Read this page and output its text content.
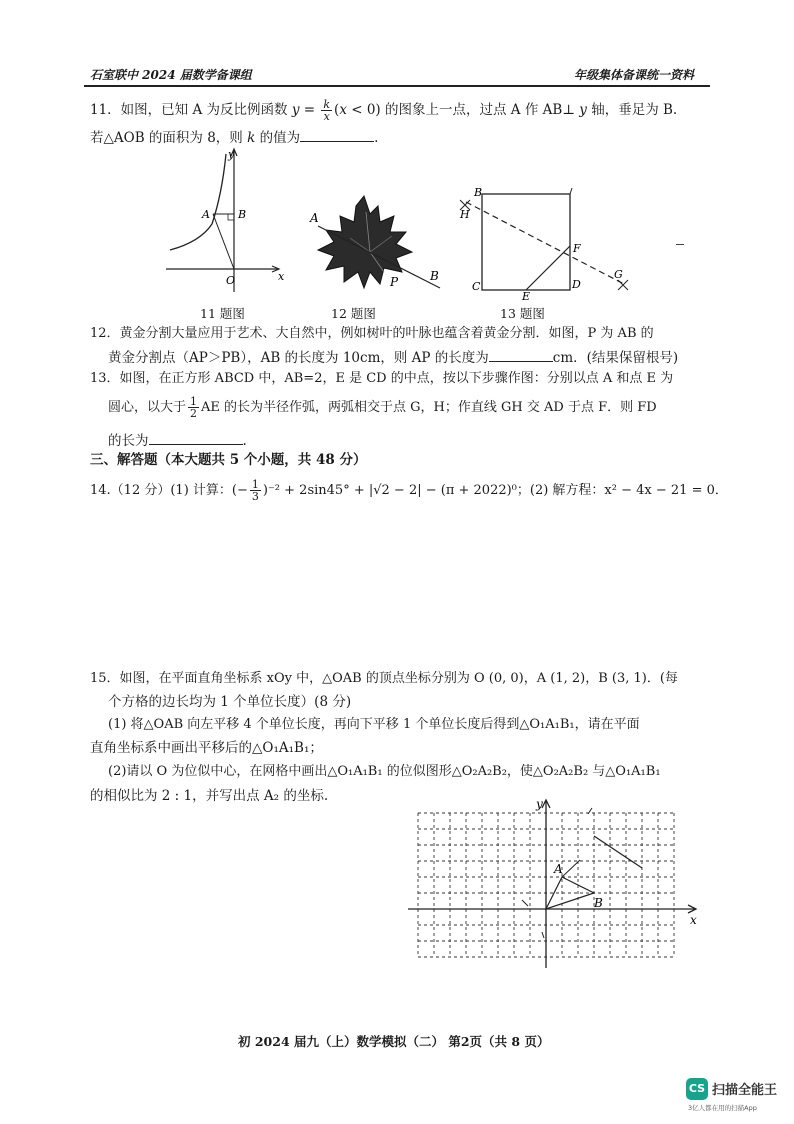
石室联中 2024 届数学备课组	年级集体备课统一资料
11．如图，已知 A 为反比例函数 $y = \frac{k}{x} (x < 0)$ 的图象上一点，过点 A 作 AB⊥ y 轴，垂足为 B.
若△AOB 的面积为 8，则 k 的值为	.
y
x
A	B
O
11 题图
A
P	B
12 题图
B
H
F
C
E
D
G
13 题图
12．黄金分割大量应用于艺术、大自然中，例如树叶的叶脉也蕴含着黄金分割．如图，P 为 AB 的
黄金分割点（AP＞PB），AB 的长度为 10cm，则 AP 的长度为	cm．(结果保留根号)
13．如图，在正方形 ABCD 中，AB=2，E 是 CD 的中点，按以下步骤作图：分别以点 A 和点 E 为
圆心，以大于 $\frac{1}{2}$ AE 的长为半径作弧，两弧相交于点 G，H；作直线 GH 交 AD 于点 F．则 FD
的长为	.
三、解答题（本大题共 5 个小题，共 48 分）
14.（12 分）(1) 计算：(− $\frac{1}{3} )^{-2} + 2\sin 45^\circ + |√2 - 2| - (\pi + 2022)^0$；(2) 解方程：x² − 4x − 21 = 0．
15．如图，在平面直角坐标系 xOy 中，△OAB 的顶点坐标分别为 O (0, 0)，A (1, 2)，B (3, 1)．(每
个方格的边长均为 1 个单位长度）(8 分)
(1) 将△OAB 向左平移 4 个单位长度，再向下平移 1 个单位长度后得到△O₁A₁B₁，请在平面
直角坐标系中画出平移后的△O₁A₁B₁；
(2)请以 O 为位似中心，在网格中画出△O₁A₁B₁ 的位似图形△O₂A₂B₂，使△O₂A₂B₂ 与△O₁A₁B₁
的相似比为 2 : 1，并写出点 A₂ 的坐标.	y
x
A
B
初 2024 届九（上）数学模拟（二） 第2页（共 8 页）
CS 扫描全能王
3亿人都在用的扫描App
